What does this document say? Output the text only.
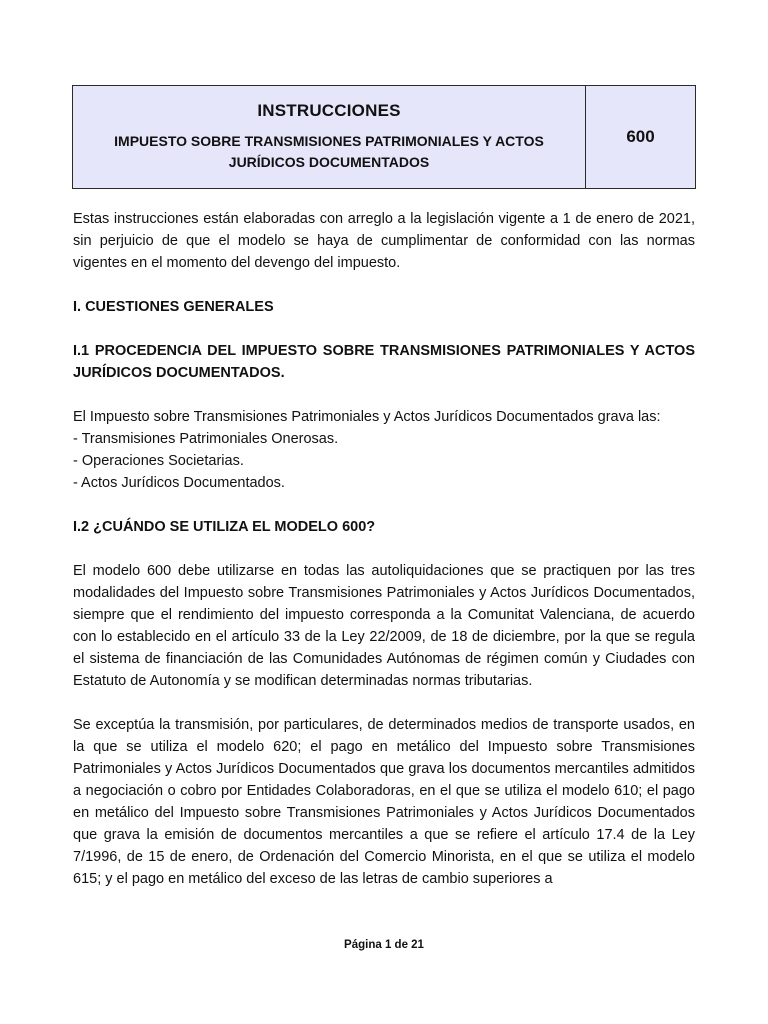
INSTRUCCIONES
IMPUESTO SOBRE TRANSMISIONES PATRIMONIALES Y ACTOS JURÍDICOS DOCUMENTADOS
600

Estas instrucciones están elaboradas con arreglo a la legislación vigente a 1 de enero de 2021, sin perjuicio de que el modelo se haya de cumplimentar de conformidad con las normas vigentes en el momento del devengo del impuesto.

I. CUESTIONES GENERALES

I.1 PROCEDENCIA DEL IMPUESTO SOBRE TRANSMISIONES PATRIMONIALES Y ACTOS JURÍDICOS DOCUMENTADOS.

El Impuesto sobre Transmisiones Patrimoniales y Actos Jurídicos Documentados grava las:

- Transmisiones Patrimoniales Onerosas.
- Operaciones Societarias.
- Actos Jurídicos Documentados.

I.2 ¿CUÁNDO SE UTILIZA EL MODELO 600?

El modelo 600 debe utilizarse en todas las autoliquidaciones que se practiquen por las tres modalidades del Impuesto sobre Transmisiones Patrimoniales y Actos Jurídicos Documentados, siempre que el rendimiento del impuesto corresponda a la Comunitat Valenciana, de acuerdo con lo establecido en el artículo 33 de la Ley 22/2009, de 18 de diciembre, por la que se regula el sistema de financiación de las Comunidades Autónomas de régimen común y Ciudades con Estatuto de Autonomía y se modifican determinadas normas tributarias.

Se exceptúa la transmisión, por particulares, de determinados medios de transporte usados, en la que se utiliza el modelo 620; el pago en metálico del Impuesto sobre Transmisiones Patrimoniales y Actos Jurídicos Documentados que grava los documentos mercantiles admitidos a negociación o cobro por Entidades Colaboradoras, en el que se utiliza el modelo 610; el pago en metálico del Impuesto sobre Transmisiones Patrimoniales y Actos Jurídicos Documentados que grava la emisión de documentos mercantiles a que se refiere el artículo 17.4 de la Ley 7/1996, de 15 de enero, de Ordenación del Comercio Minorista, en el que se utiliza el modelo 615; y el pago en metálico del exceso de las letras de cambio superiores a

Página 1 de 21
